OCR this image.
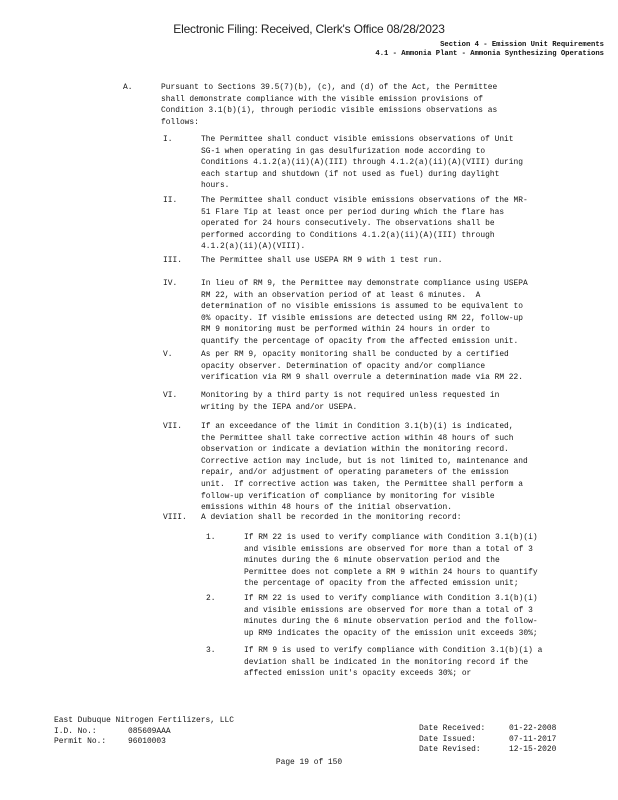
Electronic Filing: Received, Clerk's Office 08/28/2023
Section 4 - Emission Unit Requirements
4.1 - Ammonia Plant - Ammonia Synthesizing Operations
A.	Pursuant to Sections 39.5(7)(b), (c), and (d) of the Act, the Permittee

shall demonstrate compliance with the visible emission provisions of

Condition 3.1(b)(i), through periodic visible emissions observations as

follows:

I.	The Permittee shall conduct visible emissions observations of Unit

SG-1 when operating in gas desulfurization mode according to

Conditions 4.1.2(a)(ii)(A)(III) through 4.1.2(a)(ii)(A)(VIII) during

each startup and shutdown (if not used as fuel) during daylight

hours.

II.	The Permittee shall conduct visible emissions observations of the MR-

51 Flare Tip at least once per period during which the flare has

operated for 24 hours consecutively. The observations shall be

performed according to Conditions 4.1.2(a)(ii)(A)(III) through

4.1.2(a)(ii)(A)(VIII).

III. The Permittee shall use USEPA RM 9 with 1 test run.

IV.	In lieu of RM 9, the Permittee may demonstrate compliance using USEPA

RM 22, with an observation period of at least 6 minutes.  A

determination of no visible emissions is assumed to be equivalent to

0% opacity. If visible emissions are detected using RM 22, follow-up

RM 9 monitoring must be performed within 24 hours in order to

quantify the percentage of opacity from the affected emission unit.

V.	As per RM 9, opacity monitoring shall be conducted by a certified

opacity observer. Determination of opacity and/or compliance

verification via RM 9 shall overrule a determination made via RM 22.

VI.	Monitoring by a third party is not required unless requested in

writing by the IEPA and/or USEPA.

VII. If an exceedance of the limit in Condition 3.1(b)(i) is indicated,

the Permittee shall take corrective action within 48 hours of such

observation or indicate a deviation within the monitoring record.

Corrective action may include, but is not limited to, maintenance and

repair, and/or adjustment of operating parameters of the emission

unit.  If corrective action was taken, the Permittee shall perform a

follow-up verification of compliance by monitoring for visible

emissions within 48 hours of the initial observation.

VIII. A deviation shall be recorded in the monitoring record:

1.	If RM 22 is used to verify compliance with Condition 3.1(b)(i)

and visible emissions are observed for more than a total of 3

minutes during the 6 minute observation period and the

Permittee does not complete a RM 9 within 24 hours to quantify

the percentage of opacity from the affected emission unit;

2.	If RM 22 is used to verify compliance with Condition 3.1(b)(i)

and visible emissions are observed for more than a total of 3

minutes during the 6 minute observation period and the follow-

up RM9 indicates the opacity of the emission unit exceeds 30%;

3.	If RM 9 is used to verify compliance with Condition 3.1(b)(i) a

deviation shall be indicated in the monitoring record if the

affected emission unit's opacity exceeds 30%; or

East Dubuque Nitrogen Fertilizers, LLC
I.D. No.:	085609AAA
Permit No.:	96010003
Date Received:	01-22-2008
Date Issued:	07-11-2017
Date Revised:	12-15-2020
Page 19 of 150
